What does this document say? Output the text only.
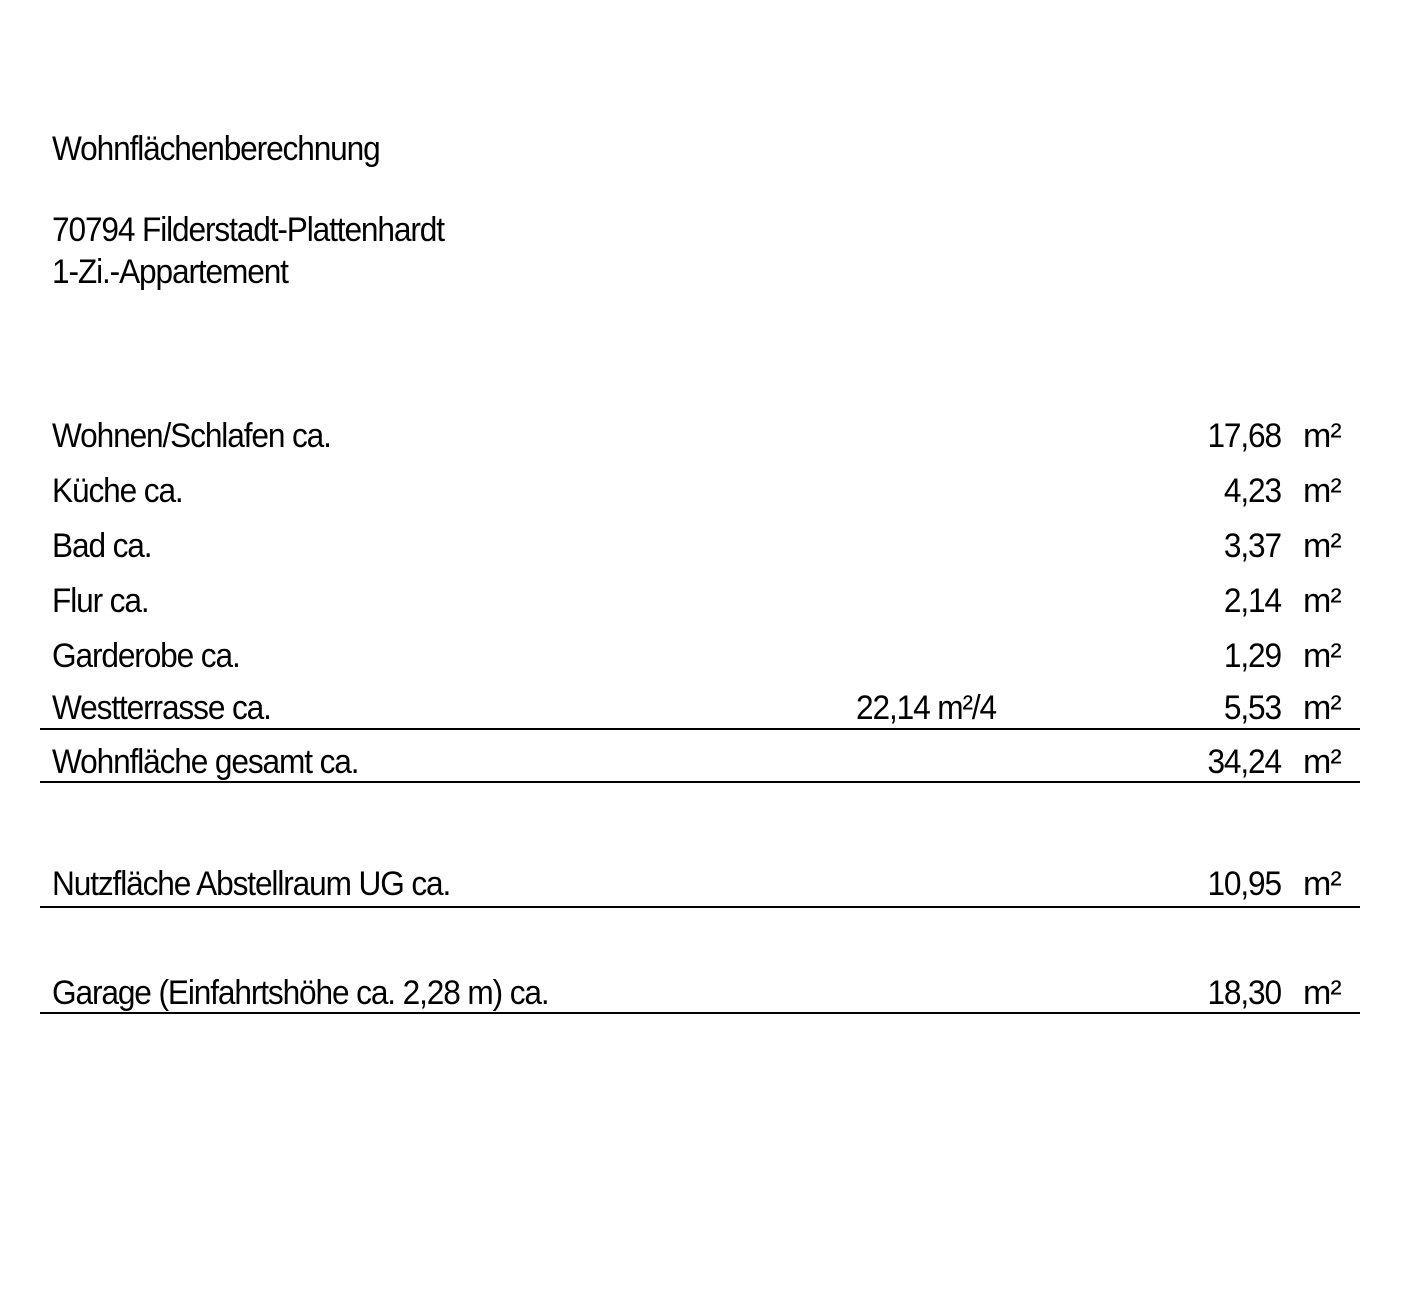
Wohnflächenberechnung
70794 Filderstadt-Plattenhardt
1-Zi.-Appartement
Wohnen/Schlafen ca.	17,68 m²
Küche ca.	4,23 m²
Bad ca.	3,37 m²
Flur ca.	2,14 m²
Garderobe ca.	1,29 m²
Westterrasse ca.	22,14 m²/4	5,53 m²
Wohnfläche gesamt ca.	34,24 m²
Nutzfläche Abstellraum UG ca.	10,95 m²
Garage (Einfahrtshöhe ca. 2,28 m) ca.	18,30 m²
